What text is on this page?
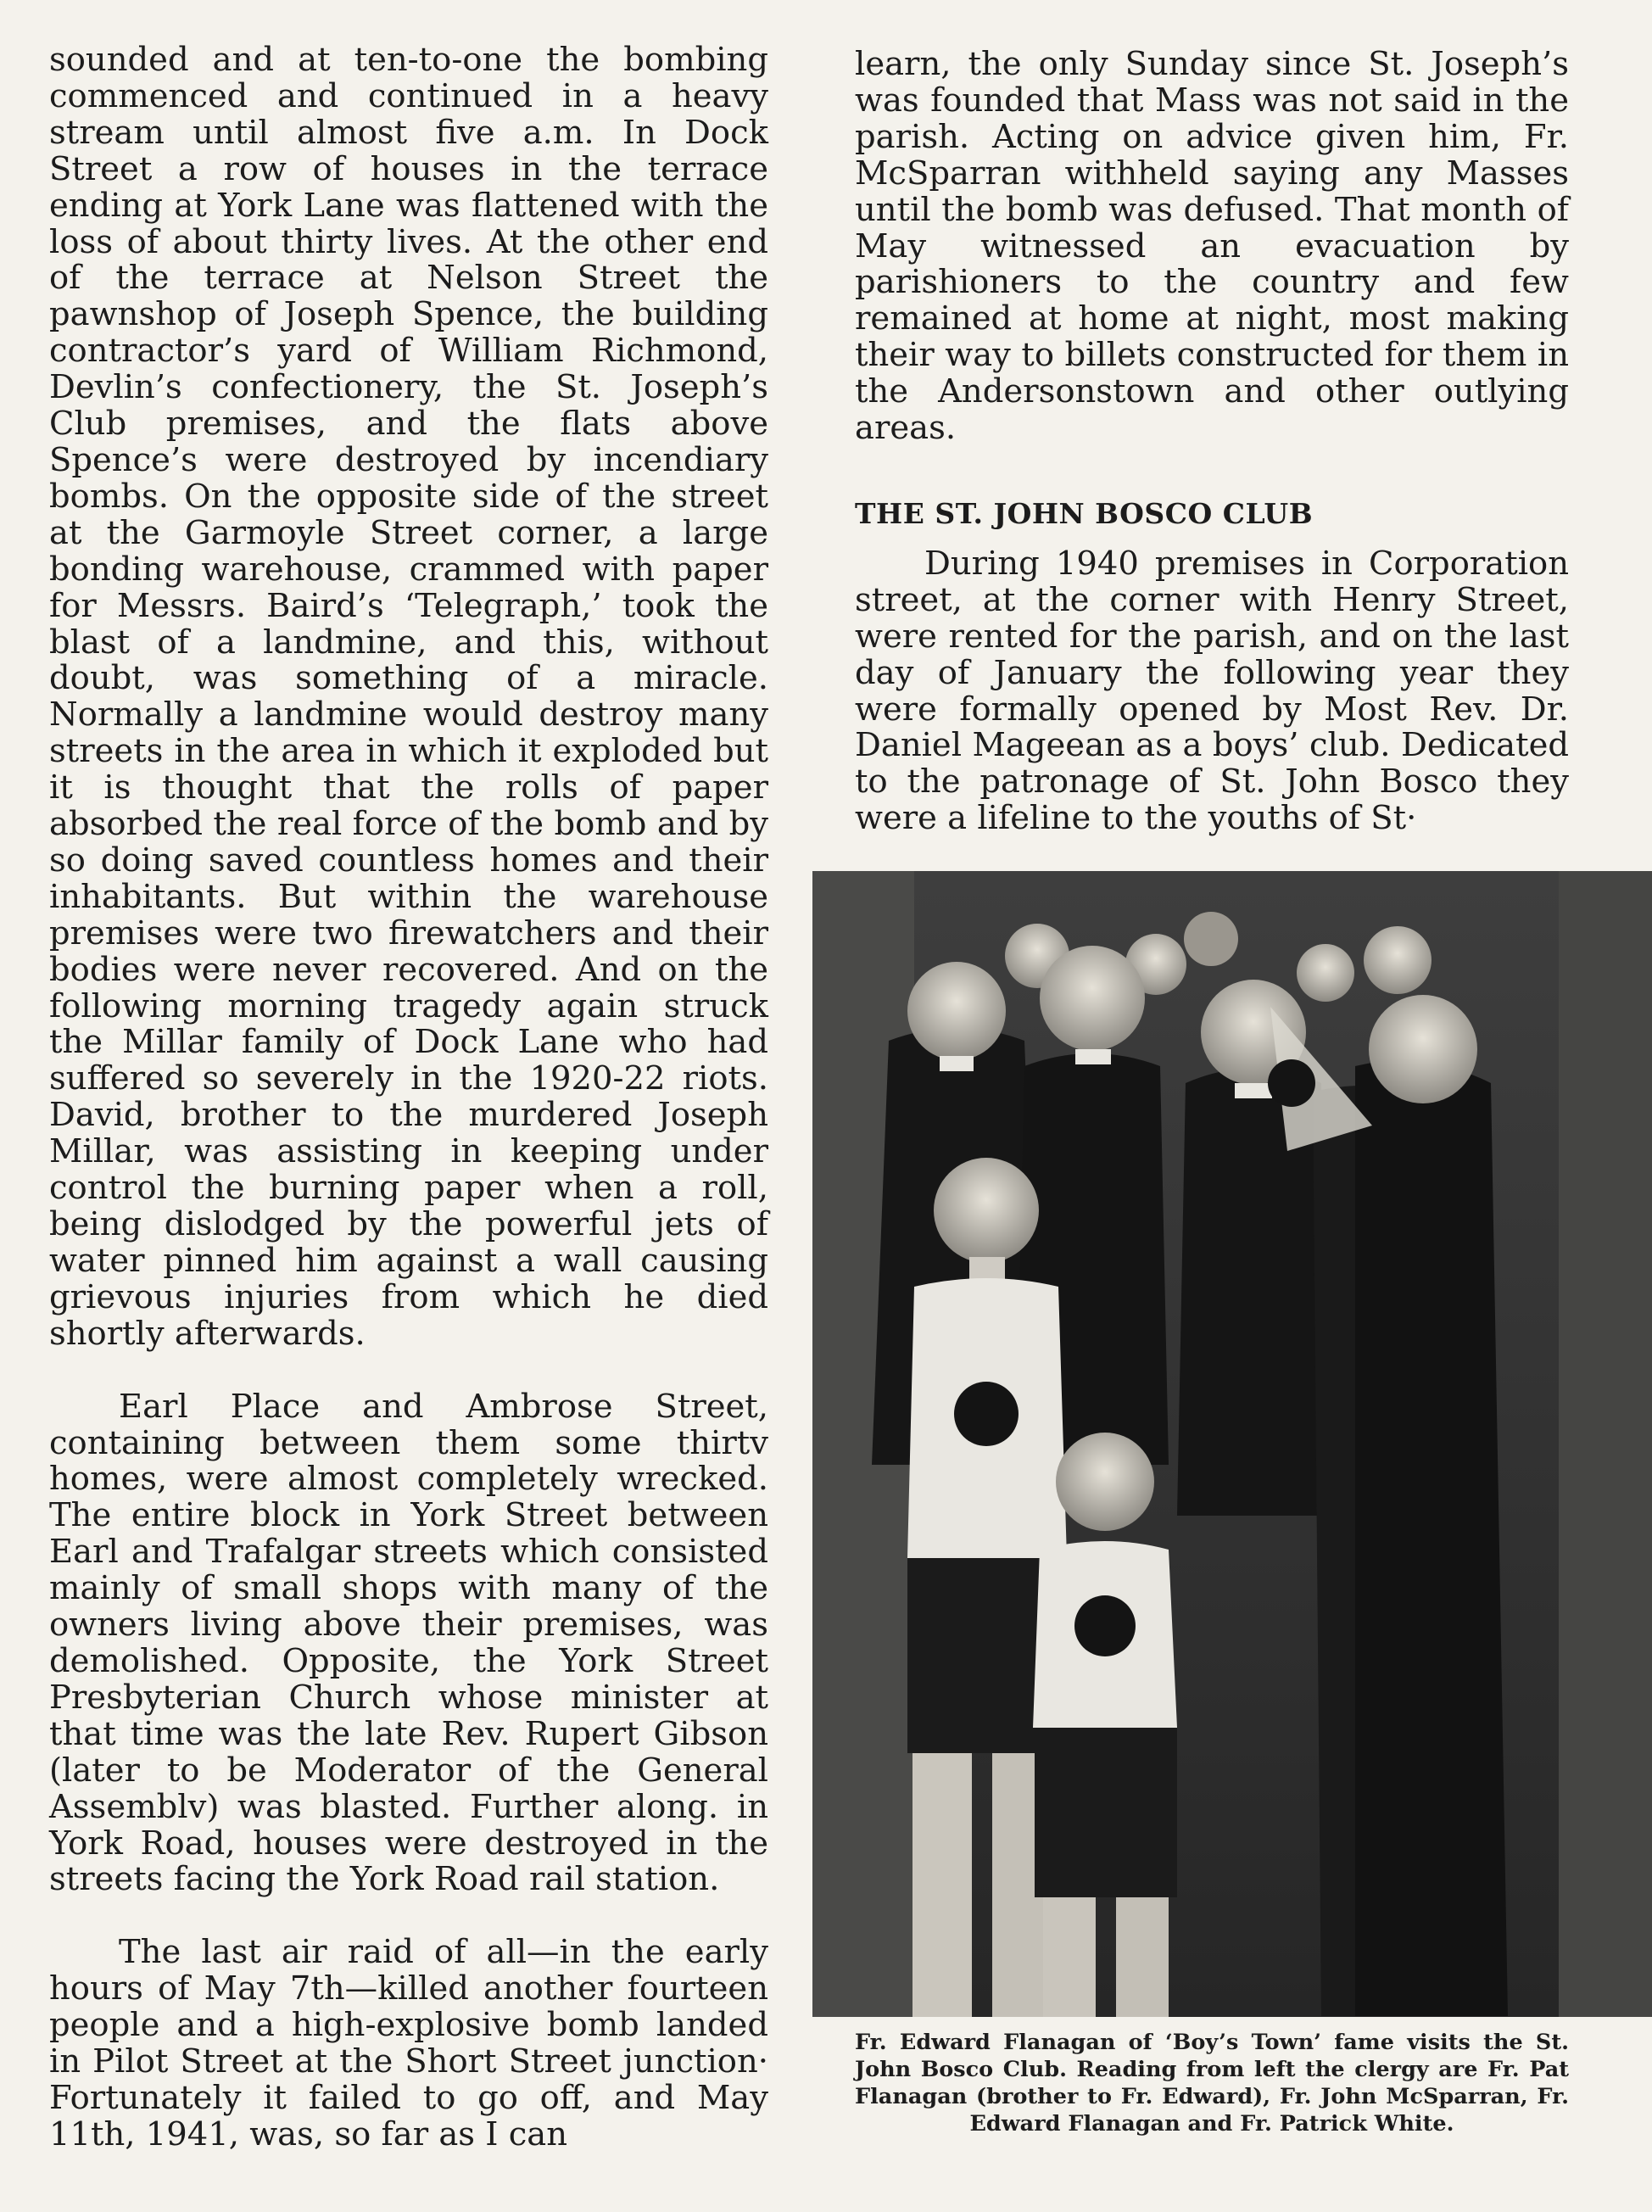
sounded and at ten-to-one the bombing commenced and continued in a heavy stream until almost five a.m. In Dock Street a row of houses in the terrace ending at York Lane was flattened with the loss of about thirty lives. At the other end of the terrace at Nelson Street the pawnshop of Joseph Spence, the building contractor’s yard of William Richmond, Devlin’s confectionery, the St. Joseph’s Club premises, and the flats above Spence’s were destroyed by incendiary bombs. On the opposite side of the street at the Garmoyle Street corner, a large bonding warehouse, crammed with paper for Messrs. Baird’s ‘Telegraph,’ took the blast of a landmine, and this, without doubt, was something of a miracle. Normally a landmine would destroy many streets in the area in which it exploded but it is thought that the rolls of paper absorbed the real force of the bomb and by so doing saved countless homes and their inhabitants. But within the warehouse premises were two firewatchers and their bodies were never recovered. And on the following morning tragedy again struck the Millar family of Dock Lane who had suffered so severely in the 1920-22 riots. David, brother to the murdered Joseph Millar, was assisting in keeping under control the burning paper when a roll, being dislodged by the powerful jets of water pinned him against a wall causing grievous injuries from which he died shortly afterwards.

Earl Place and Ambrose Street, containing between them some thirtv homes, were almost completely wrecked. The entire block in York Street between Earl and Trafalgar streets which consisted mainly of small shops with many of the owners living above their premises, was demolished. Opposite, the York Street Presbyterian Church whose minister at that time was the late Rev. Rupert Gibson (later to be Moderator of the General Assemblv) was blasted. Further along. in York Road, houses were destroyed in the streets facing the York Road rail station.

The last air raid of all—in the early hours of May 7th—killed another fourteen people and a high-explosive bomb landed in Pilot Street at the Short Street junction· Fortunately it failed to go off, and May 11th, 1941, was, so far as I can

learn, the only Sunday since St. Joseph’s was founded that Mass was not said in the parish. Acting on advice given him, Fr. McSparran withheld saying any Masses until the bomb was defused. That month of May witnessed an evacuation by parishioners to the country and few remained at home at night, most making their way to billets constructed for them in the Andersonstown and other outlying areas.

THE ST. JOHN BOSCO CLUB

During 1940 premises in Corporation street, at the corner with Henry Street, were rented for the parish, and on the last day of January the following year they were formally opened by Most Rev. Dr. Daniel Mageean as a boys’ club. Dedicated to the patronage of St. John Bosco they were a lifeline to the youths of St·

Fr. Edward Flanagan of ‘Boy’s Town’ fame visits the St. John Bosco Club. Reading from left the clergy are Fr. Pat Flanagan (brother to Fr. Edward), Fr. John McSparran, Fr. Edward Flanagan and Fr. Patrick White.
